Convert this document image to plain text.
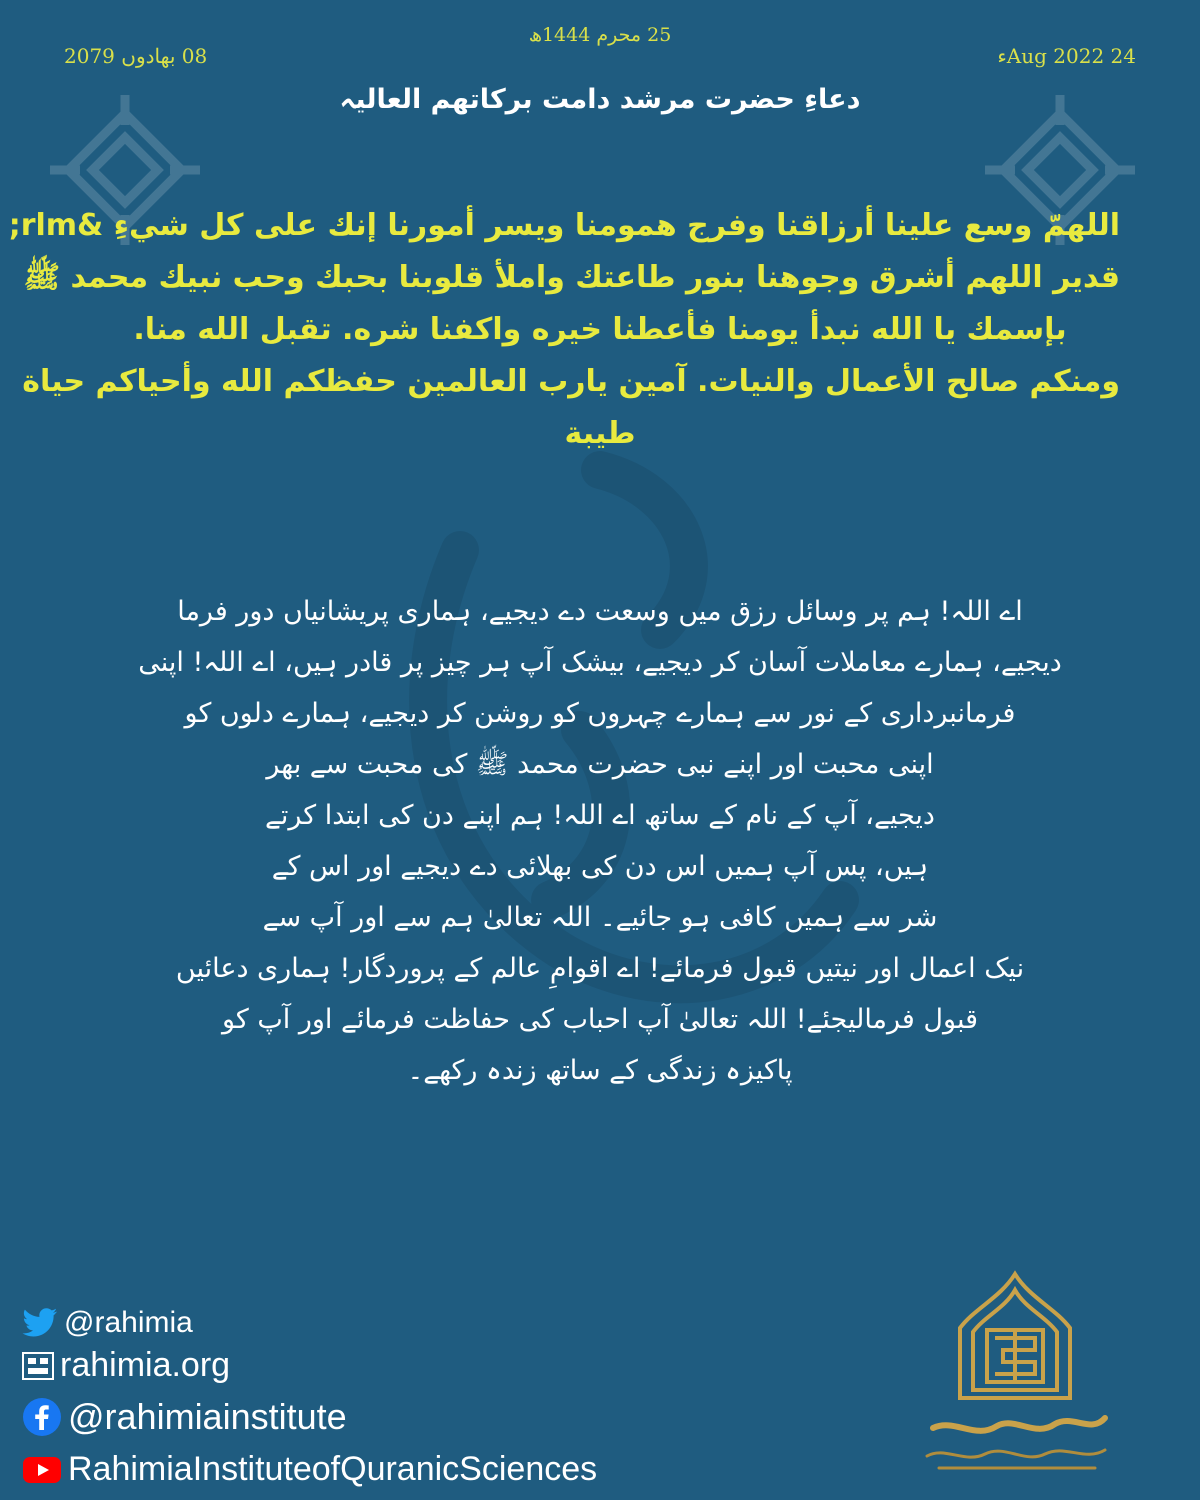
25 محرم 1444ھ
08 بھادوں 2079	24 Aug 2022ء
دعاءِ حضرت مرشد دامت برکاتھم العالیہ
اللهمّ وسع علينا أرزاقنا وفرج همومنا ويسر أمورنا إنك على كل شيءِ &rlm;
قدير اللهم أشرق وجوهنا بنور طاعتك واملأ قلوبنا بحبك وحب نبيك محمد ﷺ
بإسمك يا الله نبدأ يومنا فأعطنا خيره واكفنا شره. تقبل الله منا.
ومنكم صالح الأعمال والنيات. آمين يارب العالمين حفظكم الله وأحياكم حياة
طيبة
اے اللہ! ہم پر وسائل رزق میں وسعت دے دیجیے، ہماری پریشانیاں دور فرما
دیجیے، ہمارے معاملات آسان کر دیجیے، بیشک آپ ہر چیز پر قادر ہیں، اے اللہ! اپنی
فرمانبرداری کے نور سے ہمارے چہروں کو روشن کر دیجیے، ہمارے دلوں کو
اپنی محبت اور اپنے نبی حضرت محمد ﷺ کی محبت سے بھر
دیجیے، آپ کے نام کے ساتھ اے اللہ! ہم اپنے دن کی ابتدا کرتے
ہیں، پس آپ ہمیں اس دن کی بھلائی دے دیجیے اور اس کے
شر سے ہمیں کافی ہو جائیے۔ اللہ تعالیٰ ہم سے اور آپ سے
نیک اعمال اور نیتیں قبول فرمائے! اے اقوامِ عالم کے پروردگار! ہماری دعائیں
قبول فرمالیجئے! اللہ تعالیٰ آپ احباب کی حفاظت فرمائے اور آپ کو
پاکیزہ زندگی کے ساتھ زندہ رکھے۔
@rahimia
rahimia.org
@rahimiainstitute
RahimiaInstituteofQuranicSciences
